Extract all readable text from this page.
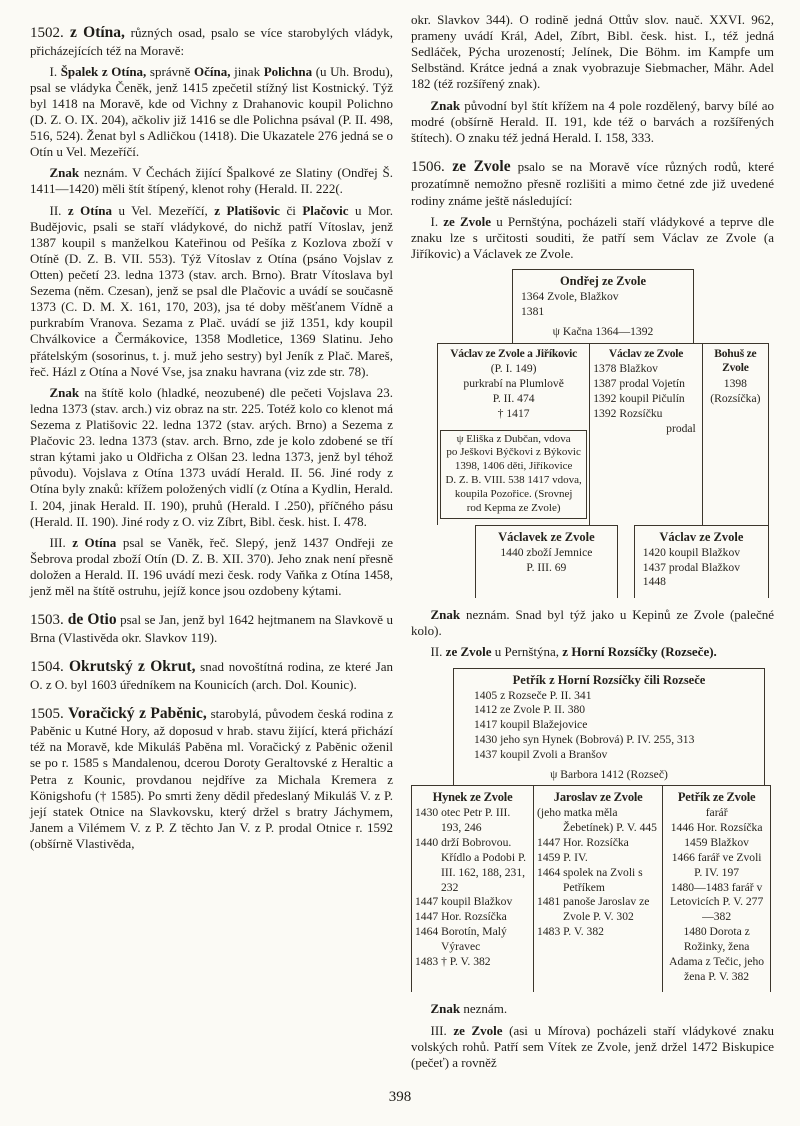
1502. z Otína, různých osad, psalo se více starobylých vládyk, přicházejících též na Moravě:

I. Špalek z Otína, správně Očína, jinak Polichna (u Uh. Brodu), psal se vládyka Čeněk, jenž 1415 zpečetil stížný list Kostnický. Týž byl 1418 na Moravě, kde od Vichny z Drahanovic koupil Polichno (D. Z. O. IX. 204), ačkoliv již 1416 se dle Polichna psával (P. II. 498, 516, 524). Ženat byl s Adličkou (1418). Die Ukazatele 276 jedná se o Otín u Vel. Mezeříčí.

Znak neznám. V Čechách žijící Špalkové ze Slatiny (Ondřej Š. 1411—1420) měli štít štípený, klenot rohy (Herald. II. 222(.

II. z Otína u Vel. Mezeříčí, z Platišovic či Plačovic u Mor. Budějovic, psali se staří vládykové, do nichž patří Vítoslav, jenž 1387 koupil s manželkou Kateřinou od Pešíka z Kozlova zboží v Otíně (D. Z. B. VII. 553). Týž Vítoslav z Otína (psáno Vojslav z Otten) pečetí 23. ledna 1373 (stav. arch. Brno). Bratr Vítoslava byl Sezema (něm. Czesan), jenž se psal dle Plačovic a uvádí se současně 1373 (C. D. M. X. 161, 170, 203), jsa té doby měšťanem Vídně a purkrabím Vranova. Sezama z Plač. uvádí se již 1351, kdy koupil Chválkovice a Čermákovice, 1358 Modletice, 1369 Slatinu. Jeho přátelským (sosorinus, t. j. muž jeho sestry) byl Jeník z Plač. Mareš, řeč. Házl z Otína a Nové Vse, jsa znaku havrana (viz zde str. 78).

Znak na štítě kolo (hladké, neozubené) dle pečeti Vojslava 23. ledna 1373 (stav. arch.) viz obraz na str. 225. Totéž kolo co klenot má Sezema z Platišovic 22. ledna 1372 (stav. arých. Brno) a Sezema z Plačovic 23. ledna 1373 (stav. arch. Brno, zde je kolo zdobené se tří stran kýtami jako u Oldřicha z Olšan 23. ledna 1373, jenž byl téhož původu). Vojslava z Otína 1373 uvádí Herald. II. 56. Jiné rody z Otína byly znaků: křížem položených vidlí (z Otína a Kydlin, Herald. I. 204, jinak Herald. II. 190), pruhů (Herald. I .250), příčného pásu (Herald. II. 190). Jiné rody z O. viz Zíbrt, Bibl. česk. hist. I. 478.

III. z Otína psal se Vaněk, řeč. Slepý, jenž 1437 Ondřeji ze Šebrova prodal zboží Otín (D. Z. B. XII. 370). Jeho znak není přesně doložen a Herald. II. 196 uvádí mezi česk. rody Vaňka z Otína 1458, jenž měl na štítě ostruhu, jejíž konce jsou ozdobeny kýtami.

1503. de Otio psal se Jan, jenž byl 1642 hejtmanem na Slavkově u Brna (Vlastivěda okr. Slavkov 119).

1504. Okrutský z Okrut, snad novoštítná rodina, ze které Jan O. z O. byl 1603 úředníkem na Kounicích (arch. Dol. Kounic).

1505. Voračický z Paběnic, starobylá, původem česká rodina z Paběnic u Kutné Hory, až doposud v hrab. stavu žijící, která přichází též na Moravě, kde Mikuláš Paběna ml. Voračický z Paběnic oženil se po r. 1585 s Mandalenou, dcerou Doroty Geraltovské z Heraltic a Petra z Kounic, provdanou nejdříve za Michala Kremera z Königshofu († 1585). Po smrti ženy dědil předeslaný Mikuláš V. z P. její statek Otnice na Slavkovsku, který držel s bratry Jáchymem, Janem a Vilémem V. z P. Z těchto Jan V. z P. prodal Otnice r. 1592 (obšírně Vlastivěda,

okr. Slavkov 344). O rodině jedná Ottův slov. nauč. XXVI. 962, prameny uvádí Král, Adel, Zíbrt, Bibl. česk. hist. I., též jedná Sedláček, Pýcha urozeností; Jelínek, Die Böhm. im Kampfe um Selbständ. Krátce jedná a znak vyobrazuje Siebmacher, Mähr. Adel 182 (též rozšířený znak).

Znak původní byl štít křížem na 4 pole rozdělený, barvy bílé ao modré (obšírně Herald. II. 191, kde též o barvách a rozšířených štítech). O znaku též jedná Herald. I. 158, 333.

1506. ze Zvole psalo se na Moravě více různých rodů, které prozatímně nemožno přesně rozlišiti a mimo četné zde již uvedené rodiny známe ještě následující:

I. ze Zvole u Pernštýna, pocházeli staří vládykové a teprve dle znaku lze s určitosti souditi, že patří sem Václav ze Zvole (a Jiříkovic) a Václavek ze Zvole.

Ondřej ze Zvole
1364 Zvole, Blažkov
1381
ψ Kačna 1364—1392
Václav ze Zvole a Jiříkovic
(P. I. 149)
purkrabí na Plumlově
P. II. 474
† 1417
ψ Eliška z Dubčan, vdova
po Ješkovi Býčkovi z Býkovic
1398, 1406 děti, Jiříkovice
D. Z. B. VIII. 538 1417 vdova,
koupila Pozořice. (Srovnej
rod Kepma ze Zvole)
Václav ze Zvole
1378 Blažkov
1387 prodal Vojetín
1392 koupil Pičulín
1392 Rozsíčku
prodal
Bohuš ze Zvole
1398
(Rozsíčka)
Václavek ze Zvole
1440 zboží Jemnice
P. III. 69
Václav ze Zvole
1420 koupil Blažkov
1437 prodal Blažkov
1448

Znak neznám. Snad byl týž jako u Kepinů ze Zvole (palečné kolo).

II. ze Zvole u Pernštýna, z Horní Rozsíčky (Rozseče).

Petřík z Horní Rozsíčky čili Rozseče
1405 z Rozseče P. II. 341
1412 ze Zvole P. II. 380
1417 koupil Blažejovice
1430 jeho syn Hynek (Bobrová) P. IV. 255, 313
1437 koupil Zvoli a Branšov
ψ Barbora 1412 (Rozseč)
Hynek ze Zvole
1430 otec Petr P. III. 193, 246
1440 drží Bobrovou. Křídlo a Podobi P. III. 162, 188, 231, 232
1447 koupil Blažkov
1447 Hor. Rozsíčka
1464 Borotín, Malý Výravec
1483 † P. V. 382
Jaroslav ze Zvole
(jeho matka měla Žebetínek) P. V. 445
1447 Hor. Rozsíčka
1459 P. IV.
1464 spolek na Zvoli s Petříkem
1481 panoše Jaroslav ze Zvole P. V. 302
1483 P. V. 382
Petřík ze Zvole
farář
1446 Hor. Rozsíčka
1459 Blažkov
1466 farář ve Zvoli P. IV. 197
1480—1483 farář v Letovicích P. V. 277—382
1480 Dorota z Rožinky, žena Adama z Tečic, jeho žena P. V. 382

Znak neznám.

III. ze Zvole (asi u Mírova) pocházeli staří vládykové znaku volských rohů. Patří sem Vítek ze Zvole, jenž držel 1472 Biskupice (pečeť) a rovněž

398
